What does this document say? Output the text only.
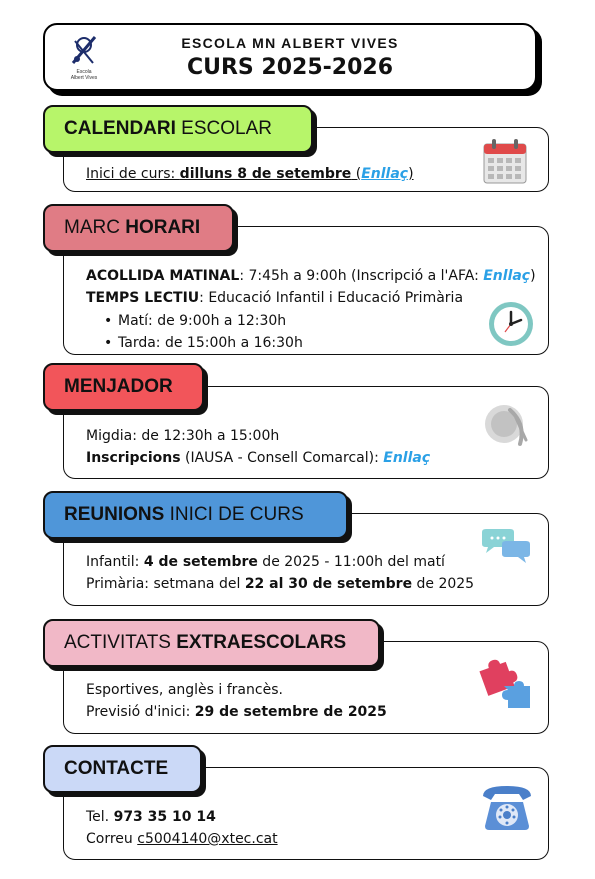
Escola
Albert Vives
ESCOLA MN ALBERT VIVES
CURS 2025-2026
Inici de curs: dilluns 8 de setembre (Enllaç)
CALENDARI ESCOLAR
ACOLLIDA MATINAL: 7:45h a 9:00h (Inscripció a l'AFA: Enllaç)
TEMPS LECTIU: Educació Infantil i Educació Primària
• Matí: de 9:00h a 12:30h
• Tarda: de 15:00h a 16:30h
MARC HORARI
Migdia: de 12:30h a 15:00h
Inscripcions (IAUSA - Consell Comarcal): Enllaç
MENJADOR
Infantil: 4 de setembre de 2025 - 11:00h del matí
Primària: setmana del 22 al 30 de setembre de 2025
REUNIONS INICI DE CURS
Esportives, anglès i francès.
Previsió d'inici: 29 de setembre de 2025
ACTIVITATS EXTRAESCOLARS
Tel. 973 35 10 14
Correu c5004140@xtec.cat
CONTACTE
